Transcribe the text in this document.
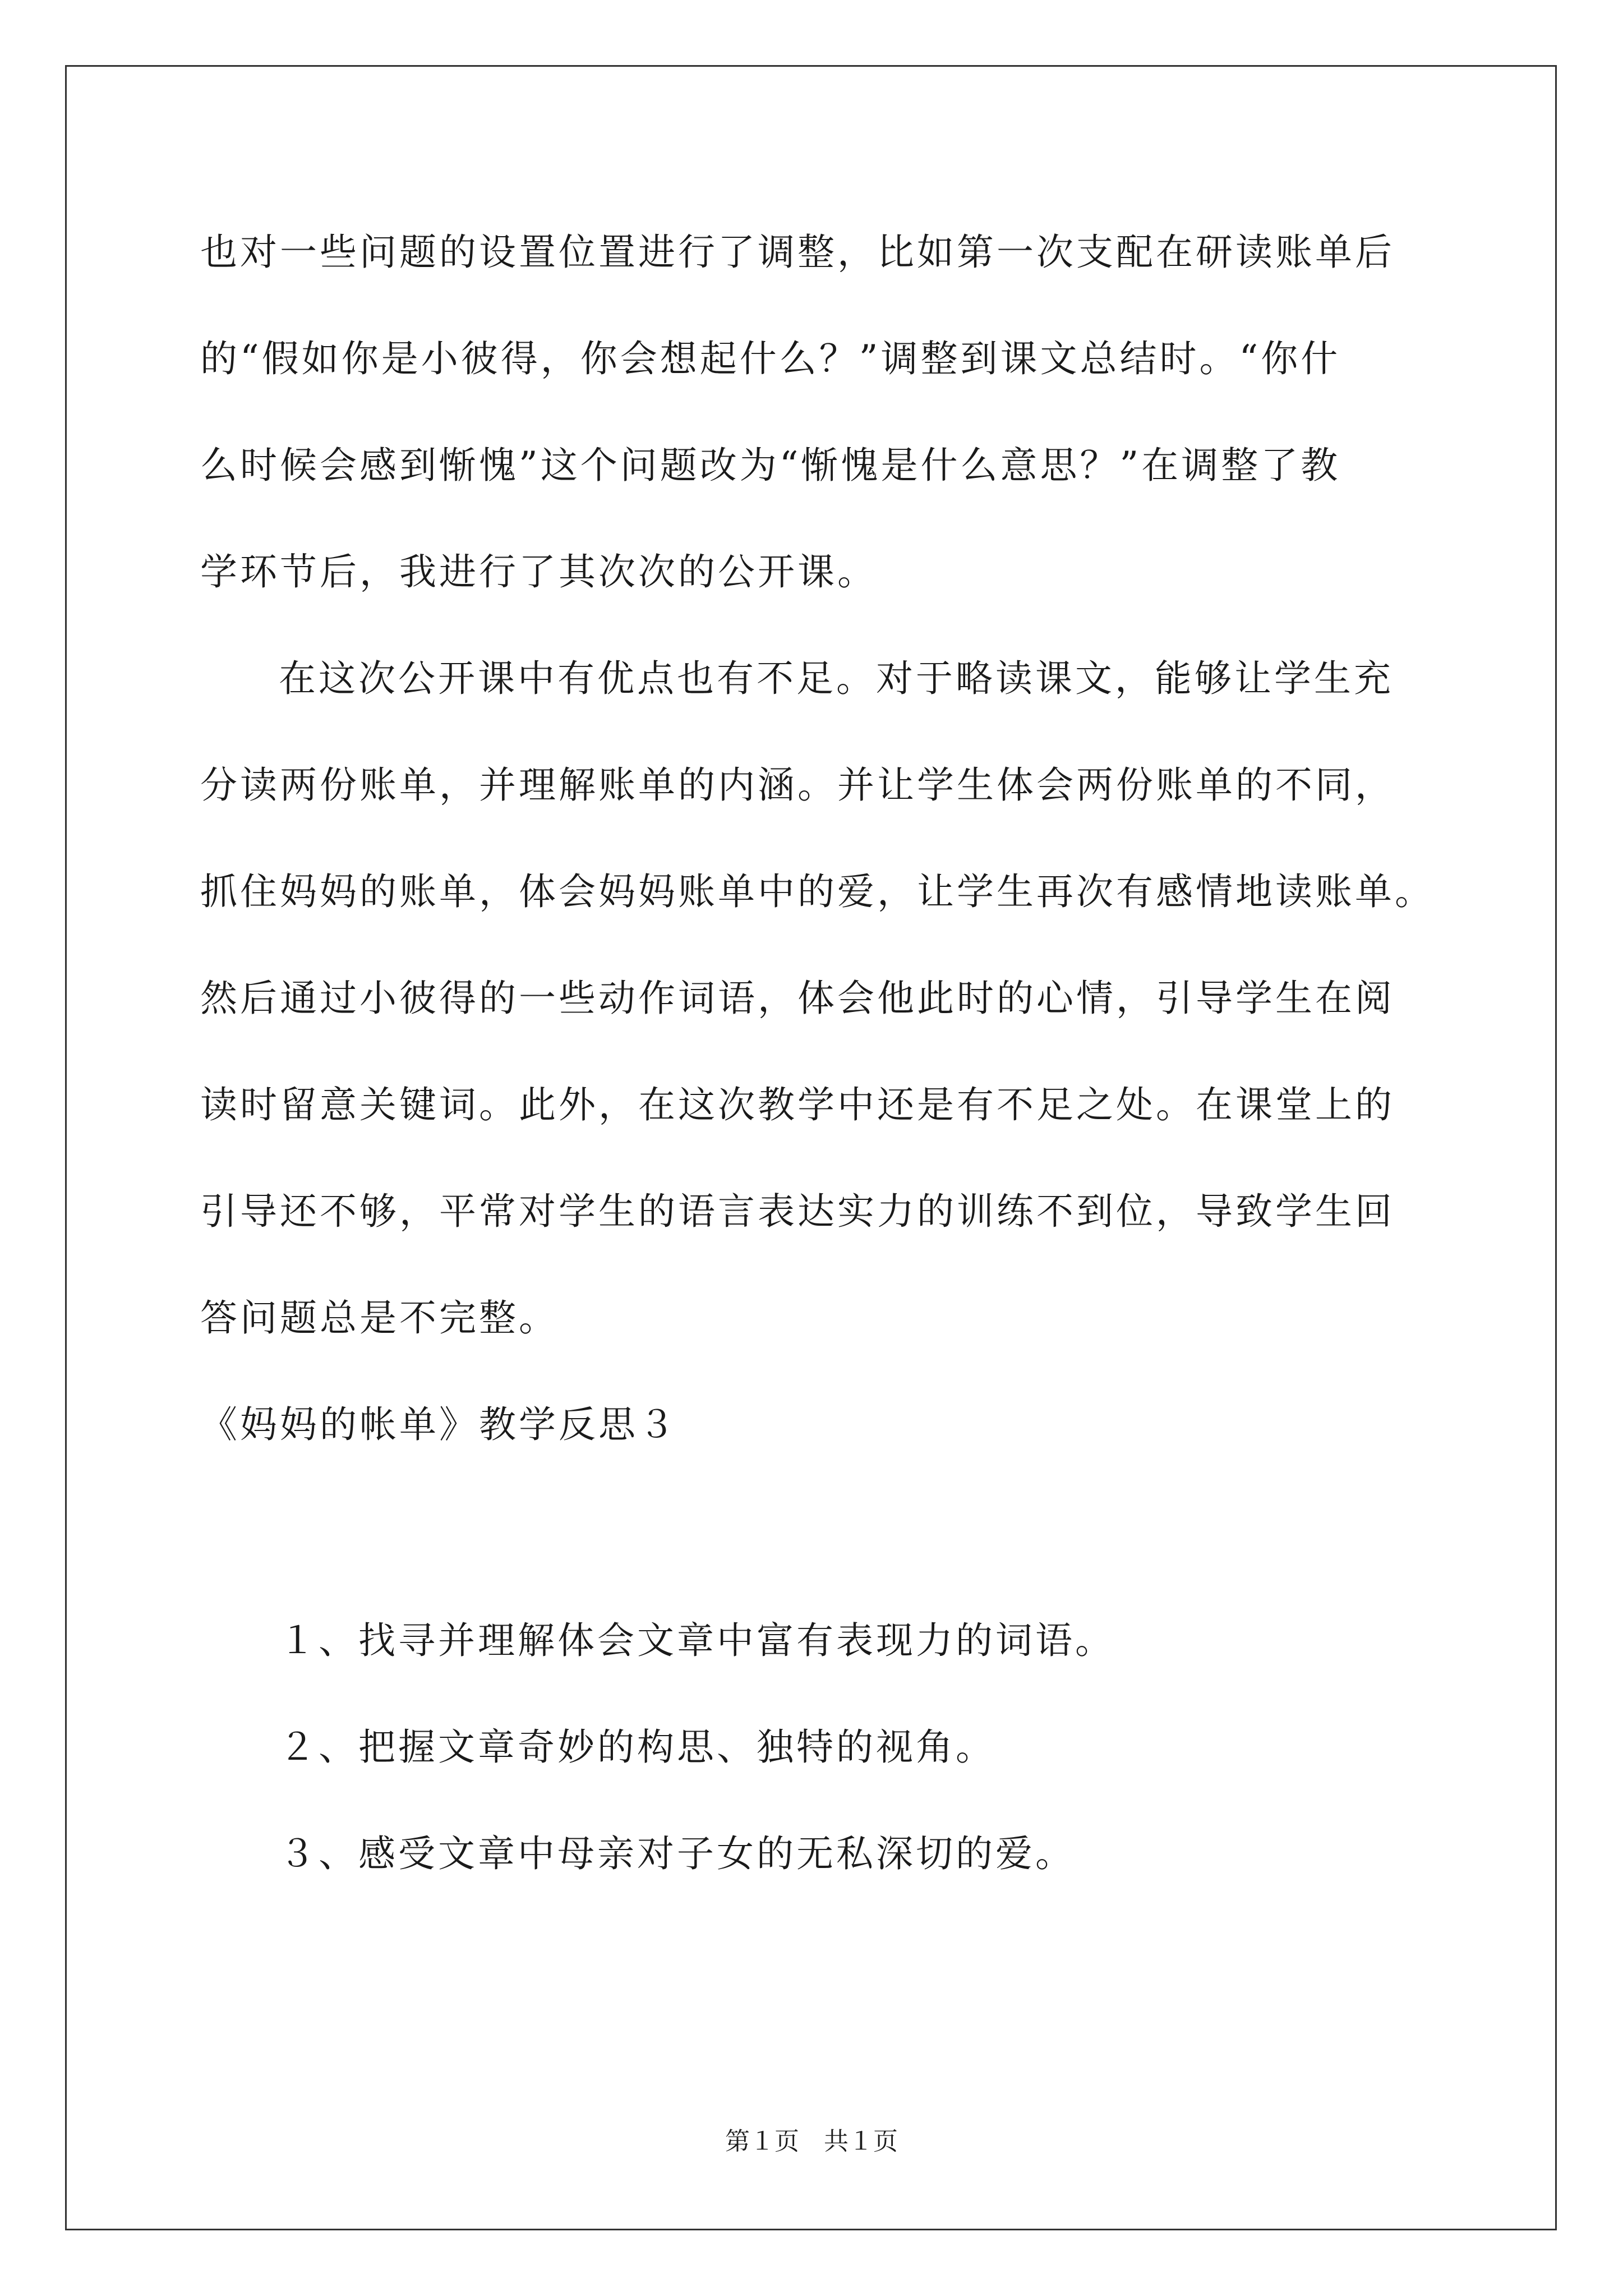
也对一些问题的设置位置进行了调整，比如第一次支配在研读账单后
的“假如你是小彼得，你会想起什么？”调整到课文总结时。“你什
么时候会感到惭愧”这个问题改为“惭愧是什么意思？”在调整了教
学环节后，我进行了其次次的公开课。
在这次公开课中有优点也有不足。对于略读课文，能够让学生充
分读两份账单，并理解账单的内涵。并让学生体会两份账单的不同，
抓住妈妈的账单，体会妈妈账单中的爱，让学生再次有感情地读账单。
然后通过小彼得的一些动作词语，体会他此时的心情，引导学生在阅
读时留意关键词。此外，在这次教学中还是有不足之处。在课堂上的
引导还不够，平常对学生的语言表达实力的训练不到位，导致学生回
答问题总是不完整。
《妈妈的帐单》教学反思３
１、找寻并理解体会文章中富有表现力的词语。
２、把握文章奇妙的构思、独特的视角。
３、感受文章中母亲对子女的无私深切的爱。
第１页　共１页
